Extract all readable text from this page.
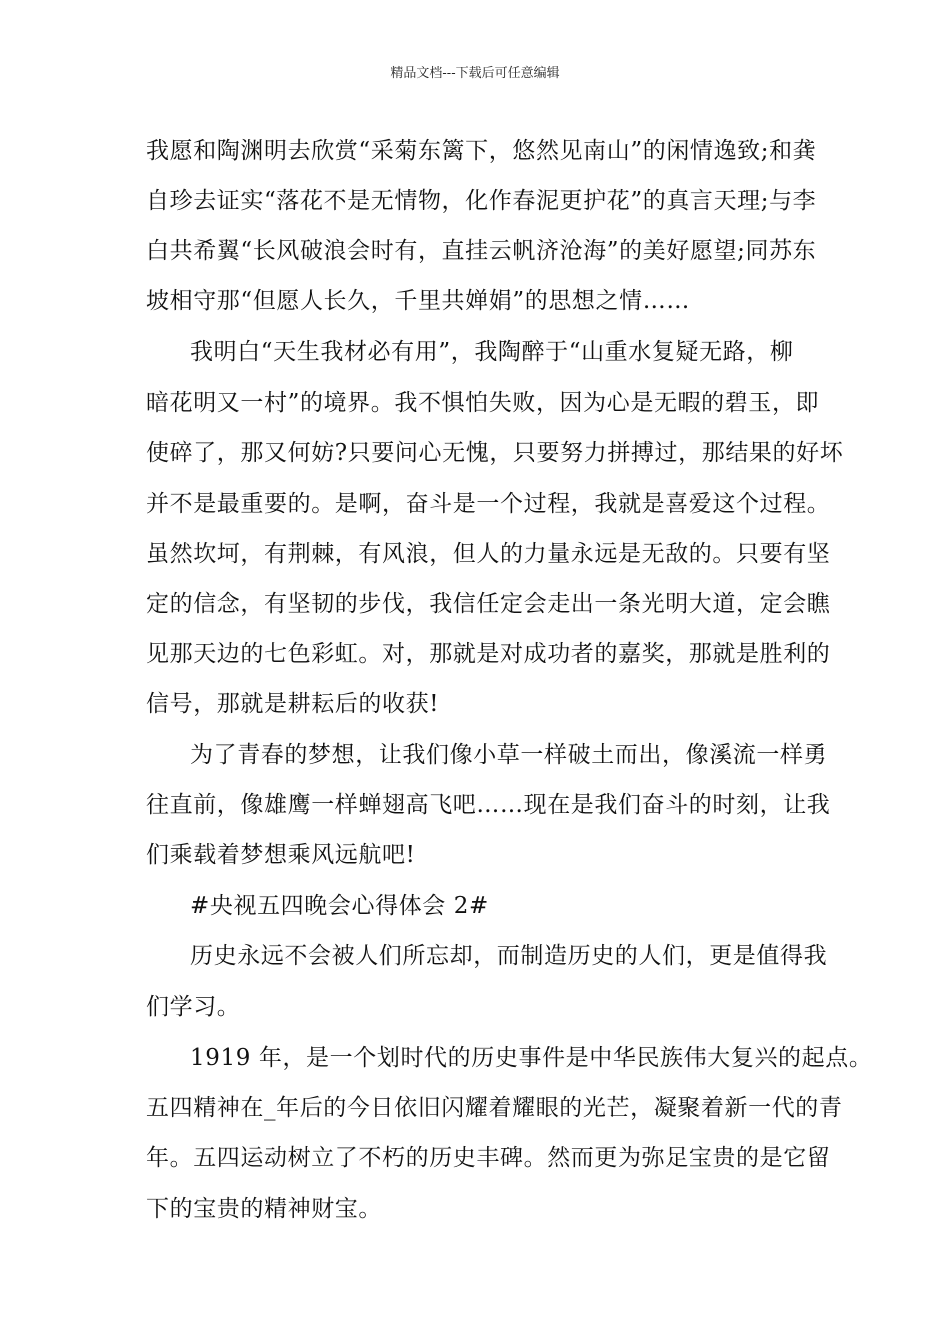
精品文档---下载后可任意编辑
我愿和陶渊明去欣赏“采菊东篱下，悠然见南山”的闲情逸致;和龚
自珍去证实“落花不是无情物，化作春泥更护花”的真言天理;与李
白共希翼“长风破浪会时有，直挂云帆济沧海”的美好愿望;同苏东
坡相守那“但愿人长久，千里共婵娟”的思想之情……
我明白“天生我材必有用”，我陶醉于“山重水复疑无路，柳
暗花明又一村”的境界。我不惧怕失败，因为心是无暇的碧玉，即
使碎了，那又何妨?只要问心无愧，只要努力拼搏过，那结果的好坏
并不是最重要的。是啊，奋斗是一个过程，我就是喜爱这个过程。
虽然坎坷，有荆棘，有风浪，但人的力量永远是无敌的。只要有坚
定的信念，有坚韧的步伐，我信任定会走出一条光明大道，定会瞧
见那天边的七色彩虹。对，那就是对成功者的嘉奖，那就是胜利的
信号，那就是耕耘后的收获!
为了青春的梦想，让我们像小草一样破土而出，像溪流一样勇
往直前，像雄鹰一样蝉翅高飞吧……现在是我们奋斗的时刻，让我
们乘载着梦想乘风远航吧!
#央视五四晚会心得体会 2#
历史永远不会被人们所忘却，而制造历史的人们，更是值得我
们学习。
1919 年，是一个划时代的历史事件是中华民族伟大复兴的起点。
五四精神在_年后的今日依旧闪耀着耀眼的光芒，凝聚着新一代的青
年。五四运动树立了不朽的历史丰碑。然而更为弥足宝贵的是它留
下的宝贵的精神财宝。
